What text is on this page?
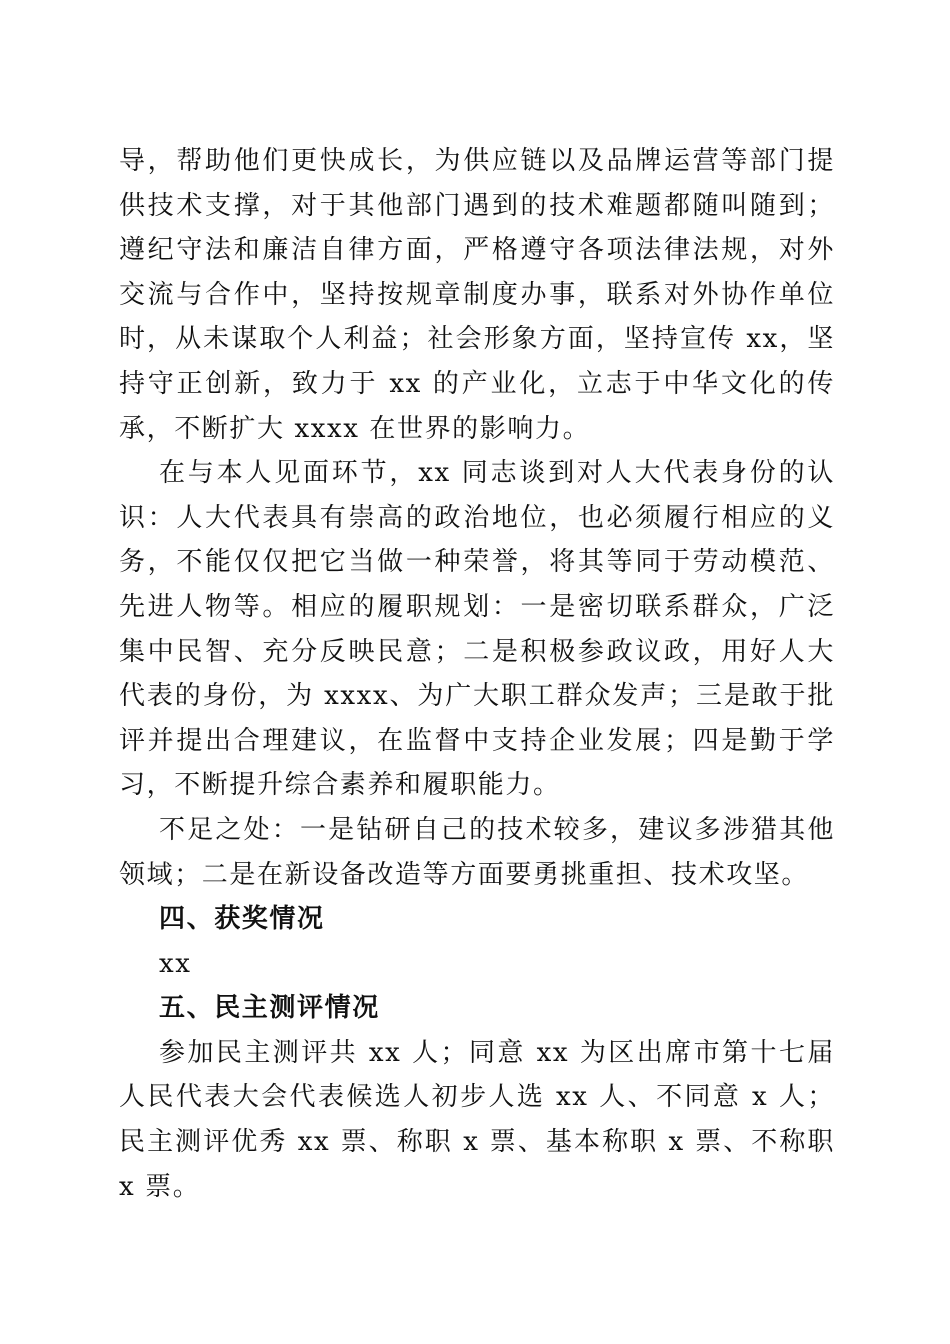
导，帮助他们更快成长，为供应链以及品牌运营等部门提供技术支撑，对于其他部门遇到的技术难题都随叫随到；遵纪守法和廉洁自律方面，严格遵守各项法律法规，对外交流与合作中，坚持按规章制度办事，联系对外协作单位时，从未谋取个人利益；社会形象方面，坚持宣传 xx，坚持守正创新，致力于 xx 的产业化，立志于中华文化的传承，不断扩大 xxxx 在世界的影响力。

在与本人见面环节，xx 同志谈到对人大代表身份的认识：人大代表具有崇高的政治地位，也必须履行相应的义务，不能仅仅把它当做一种荣誉，将其等同于劳动模范、先进人物等。相应的履职规划：一是密切联系群众，广泛集中民智、充分反映民意；二是积极参政议政，用好人大代表的身份，为 xxxx、为广大职工群众发声；三是敢于批评并提出合理建议，在监督中支持企业发展；四是勤于学习，不断提升综合素养和履职能力。

不足之处：一是钻研自己的技术较多，建议多涉猎其他领域；二是在新设备改造等方面要勇挑重担、技术攻坚。

四、获奖情况

xx

五、民主测评情况

参加民主测评共 xx 人；同意 xx 为区出席市第十七届人民代表大会代表候选人初步人选 xx 人、不同意 x 人；民主测评优秀 xx 票、称职 x 票、基本称职 x 票、不称职 x 票。
